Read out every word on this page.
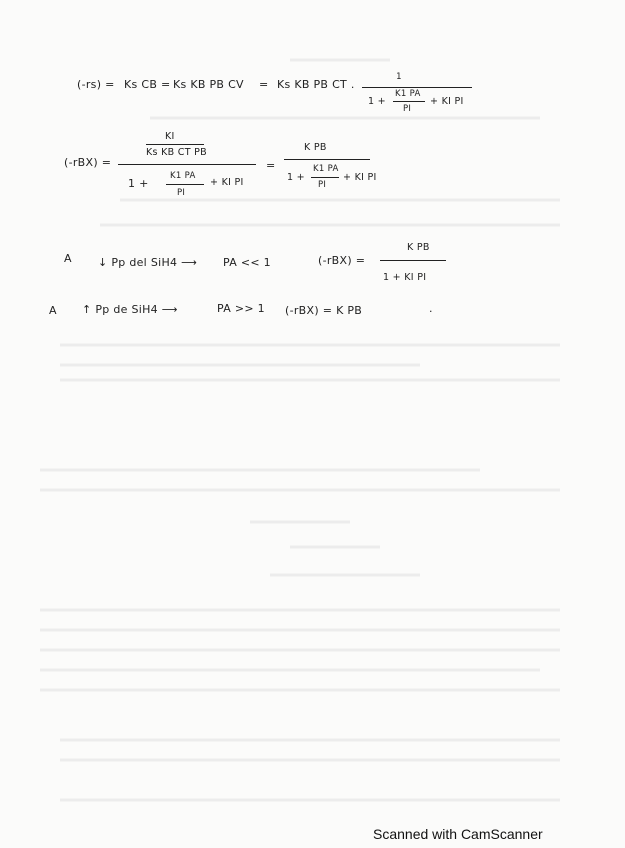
(-rs) = Ks CB = Ks KB PB CV = Ks KB PB CT .
1
1 +
K1 PA
PI
+ KI PI
(-rBX) =
KI
Ks KB CT PB
1 +
K1 PA
PI
+ KI PI
=
K PB
1 +
K1 PA
PI
+ KI PI
A ↓ Pp del SiH4 ⟶ PA << 1	(-rBX) =
K PB
1 + KI PI
A ↑ Pp de SiH4 ⟶	PA >> 1 (-rBX) = K PB	.
Scanned with CamScanner
